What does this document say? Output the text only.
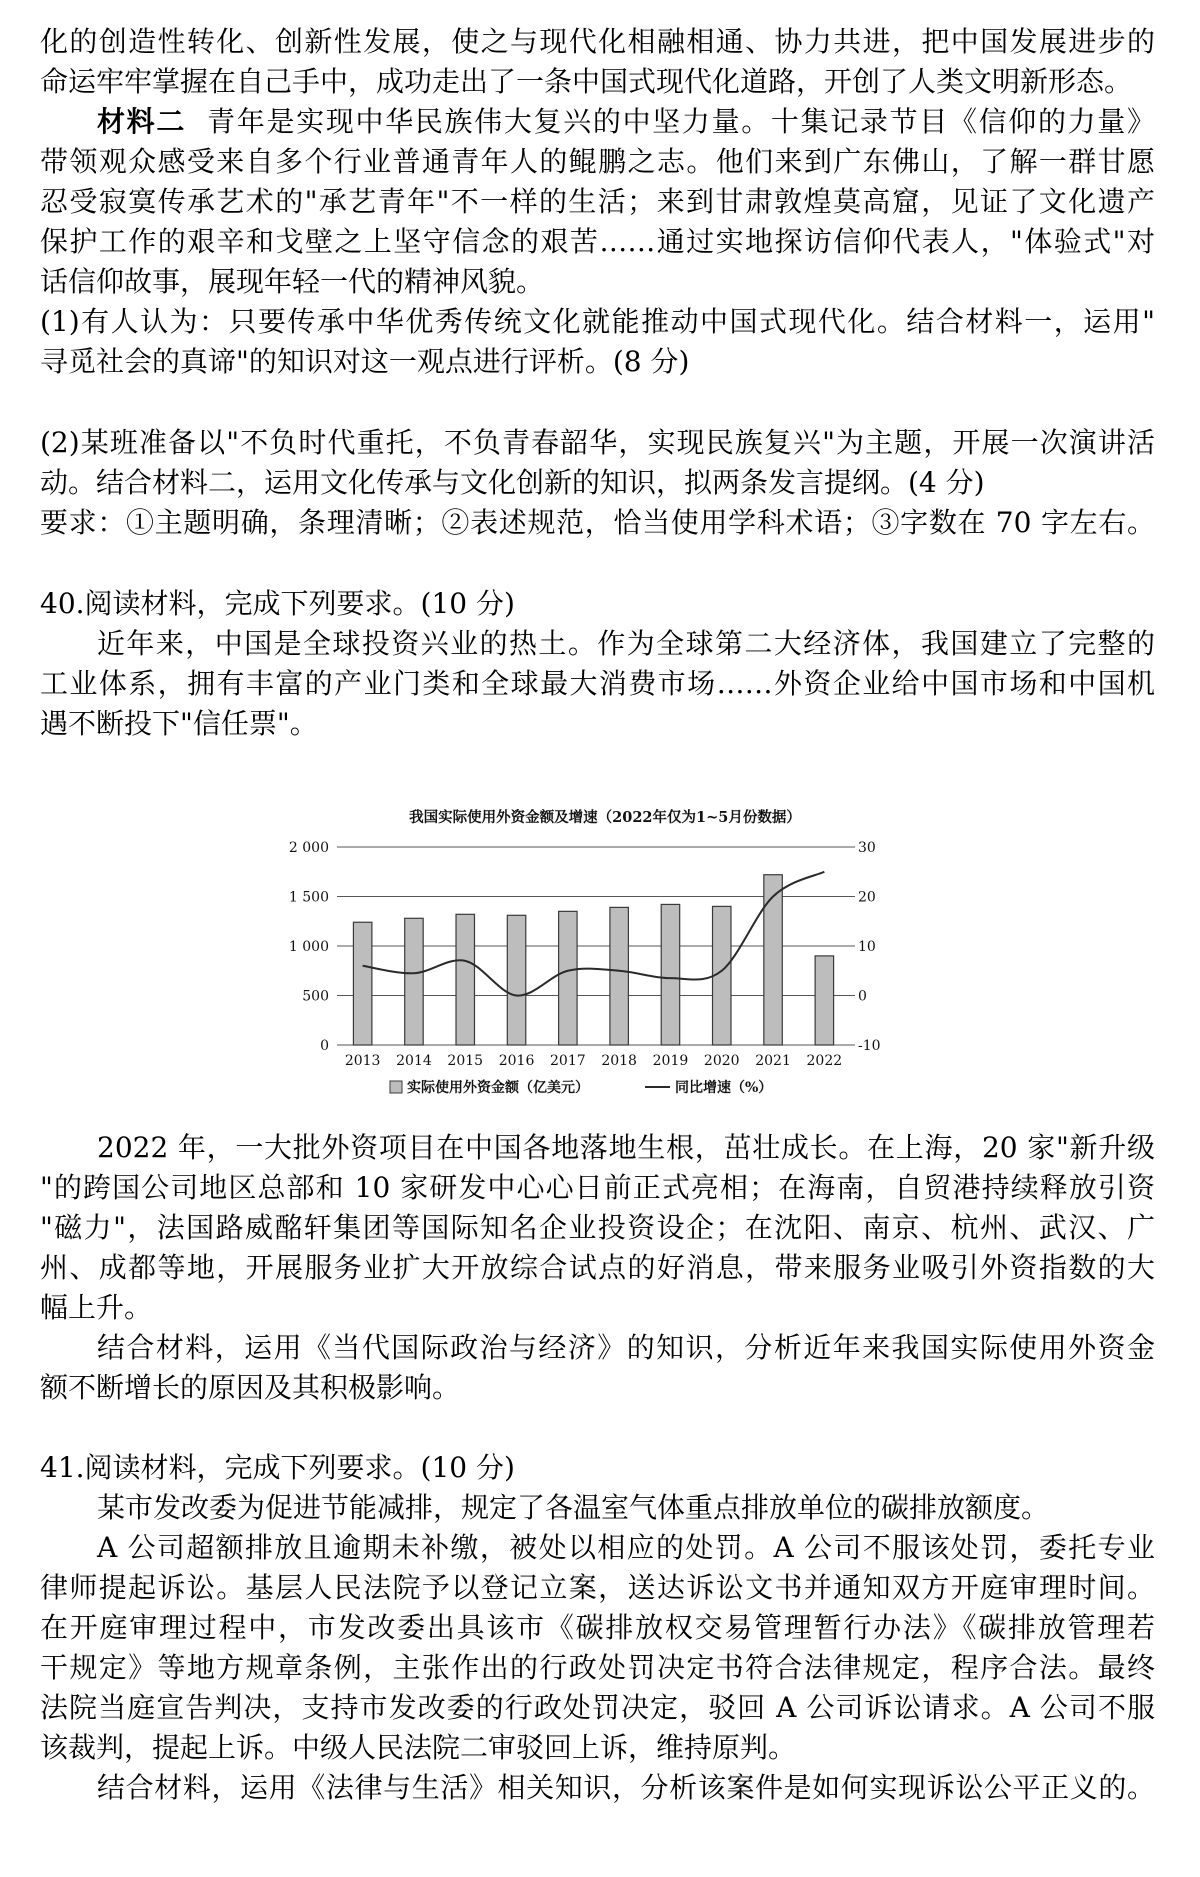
化的创造性转化、创新性发展，使之与现代化相融相通、协力共进，把中国发展进步的
命运牢牢掌握在自己手中，成功走出了一条中国式现代化道路，开创了人类文明新形态。
材料二 青年是实现中华民族伟大复兴的中坚力量。十集记录节目《信仰的力量》
带领观众感受来自多个行业普通青年人的鲲鹏之志。他们来到广东佛山，了解一群甘愿
忍受寂寞传承艺术的"承艺青年"不一样的生活；来到甘肃敦煌莫高窟，见证了文化遗产
保护工作的艰辛和戈壁之上坚守信念的艰苦……通过实地探访信仰代表人，"体验式"对
话信仰故事，展现年轻一代的精神风貌。
(1)有人认为：只要传承中华优秀传统文化就能推动中国式现代化。结合材料一，运用"
寻觅社会的真谛"的知识对这一观点进行评析。(8 分)
(2)某班准备以"不负时代重托，不负青春韶华，实现民族复兴"为主题，开展一次演讲活
动。结合材料二，运用文化传承与文化创新的知识，拟两条发言提纲。(4 分)
要求：①主题明确，条理清晰；②表述规范，恰当使用学科术语；③字数在 70 字左右。
40.阅读材料，完成下列要求。(10 分)
近年来，中国是全球投资兴业的热土。作为全球第二大经济体，我国建立了完整的
工业体系，拥有丰富的产业门类和全球最大消费市场……外资企业给中国市场和中国机
遇不断投下"信任票"。
我国实际使用外资金额及增速（2022年仅为1~5月份数据）
0
500
1 000
1 500
2 000
-10
0
10
20
30
2013 2014 2015 2016 2017 2018 2019 2020 2021 2022
实际使用外资金额（亿美元）	同比增速（%）
2022 年，一大批外资项目在中国各地落地生根，茁壮成长。在上海，20 家"新升级
"的跨国公司地区总部和 10 家研发中心心日前正式亮相；在海南，自贸港持续释放引资
"磁力"，法国路威酩轩集团等国际知名企业投资设企；在沈阳、南京、杭州、武汉、广
州、成都等地，开展服务业扩大开放综合试点的好消息，带来服务业吸引外资指数的大
幅上升。
结合材料，运用《当代国际政治与经济》的知识，分析近年来我国实际使用外资金
额不断增长的原因及其积极影响。
41.阅读材料，完成下列要求。(10 分)
某市发改委为促进节能减排，规定了各温室气体重点排放单位的碳排放额度。
A 公司超额排放且逾期未补缴，被处以相应的处罚。A 公司不服该处罚，委托专业
律师提起诉讼。基层人民法院予以登记立案，送达诉讼文书并通知双方开庭审理时间。
在开庭审理过程中，市发改委出具该市《碳排放权交易管理暂行办法》《碳排放管理若
干规定》等地方规章条例，主张作出的行政处罚决定书符合法律规定，程序合法。最终
法院当庭宣告判决，支持市发改委的行政处罚决定，驳回 A 公司诉讼请求。A 公司不服
该裁判，提起上诉。中级人民法院二审驳回上诉，维持原判。
结合材料，运用《法律与生活》相关知识，分析该案件是如何实现诉讼公平正义的。
